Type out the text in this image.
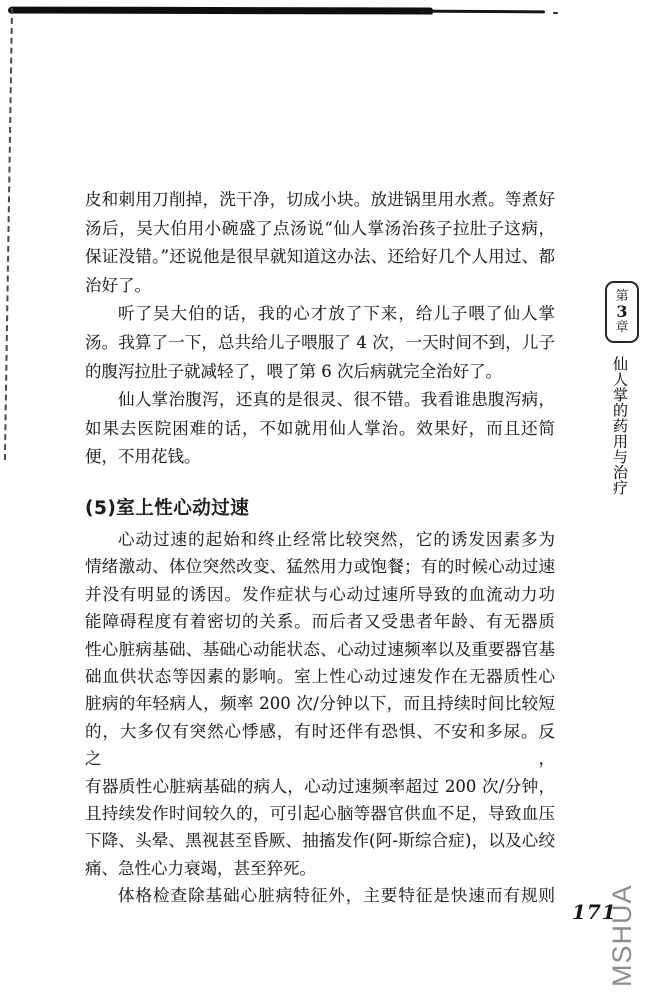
皮和刺用刀削掉，洗干净，切成小块。放进锅里用水煮。等煮好
汤后，吴大伯用小碗盛了点汤说“仙人掌汤治孩子拉肚子这病，
保证没错。”还说他是很早就知道这办法、还给好几个人用过、都
治好了。
听了吴大伯的话，我的心才放了下来，给儿子喂了仙人掌
汤。我算了一下，总共给儿子喂服了 4 次，一天时间不到，儿子
的腹泻拉肚子就减轻了，喂了第 6 次后病就完全治好了。
仙人掌治腹泻，还真的是很灵、很不错。我看谁患腹泻病，
如果去医院困难的话，不如就用仙人掌治。效果好，而且还简
便，不用花钱。
(5)室上性心动过速
心动过速的起始和终止经常比较突然，它的诱发因素多为
情绪激动、体位突然改变、猛然用力或饱餐；有的时候心动过速
并没有明显的诱因。发作症状与心动过速所导致的血流动力功
能障碍程度有着密切的关系。而后者又受患者年龄、有无器质
性心脏病基础、基础心动能状态、心动过速频率以及重要器官基
础血供状态等因素的影响。室上性心动过速发作在无器质性心
脏病的年轻病人，频率 200 次/分钟以下，而且持续时间比较短
的，大多仅有突然心悸感，有时还伴有恐惧、不安和多尿。反之，
有器质性心脏病基础的病人，心动过速频率超过 200 次/分钟，
且持续发作时间较久的，可引起心脑等器官供血不足，导致血压
下降、头晕、黑视甚至昏厥、抽搐发作(阿-斯综合症)，以及心绞
痛、急性心力衰竭，甚至猝死。
体格检查除基础心脏病特征外，主要特征是快速而有规则
第
3
章
仙人掌的药用与治疗
MSHUA
171
